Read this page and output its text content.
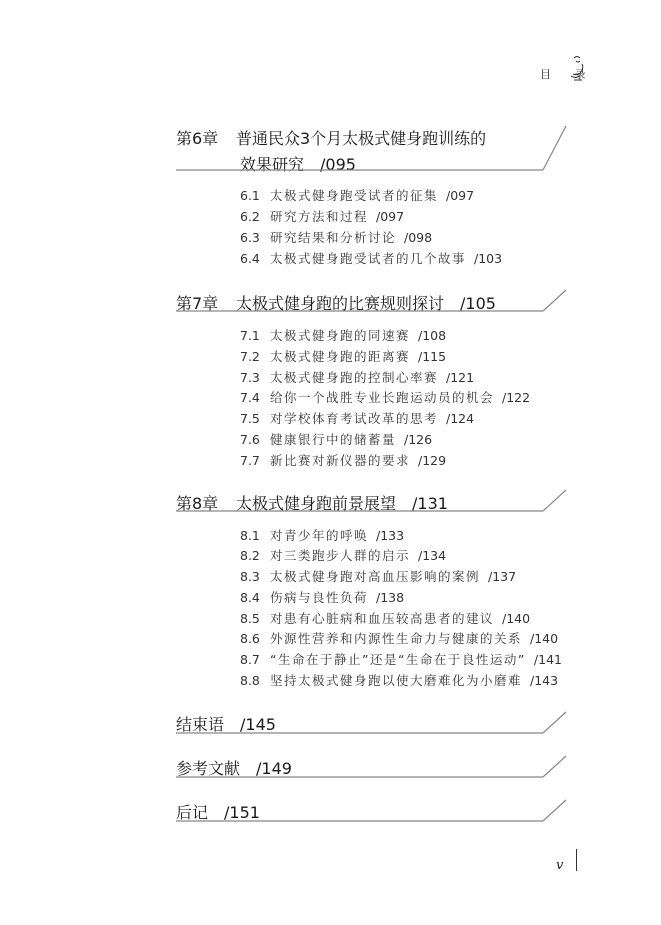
目 录
第6章 普通民众3个月太极式健身跑训练的
效果研究　/095
6.1 太极式健身跑受试者的征集 /097
6.2 研究方法和过程 /097
6.3 研究结果和分析讨论 /098
6.4 太极式健身跑受试者的几个故事 /103
第7章 太极式健身跑的比赛规则探讨　/105
7.1 太极式健身跑的同速赛 /108
7.2 太极式健身跑的距离赛 /115
7.3 太极式健身跑的控制心率赛 /121
7.4 给你一个战胜专业长跑运动员的机会 /122
7.5 对学校体育考试改革的思考 /124
7.6 健康银行中的储蓄量 /126
7.7 新比赛对新仪器的要求 /129
第8章 太极式健身跑前景展望　/131
8.1 对青少年的呼唤 /133
8.2 对三类跑步人群的启示 /134
8.3 太极式健身跑对高血压影响的案例 /137
8.4 伤病与良性负荷 /138
8.5 对患有心脏病和血压较高患者的建议 /140
8.6 外源性营养和内源性生命力与健康的关系 /140
8.7 “生命在于静止”还是“生命在于良性运动” /141
8.8 坚持太极式健身跑以使大磨难化为小磨难 /143
结束语　/145
参考文献　/149
后记　/151
v
